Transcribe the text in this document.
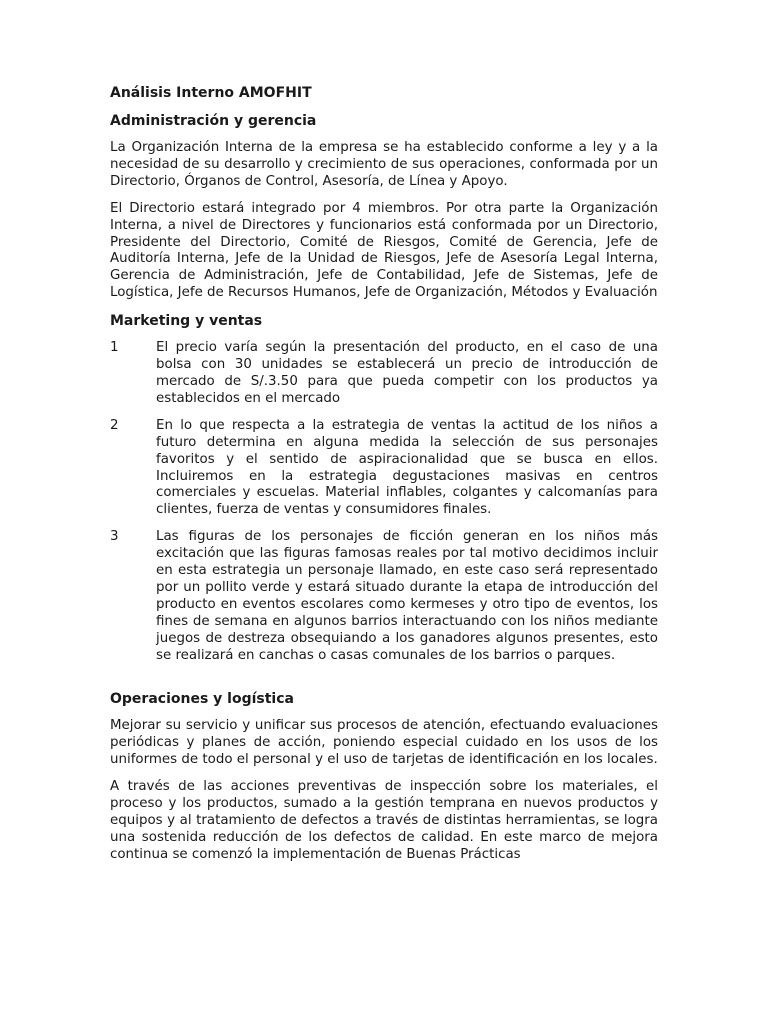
Análisis Interno AMOFHIT
Administración y gerencia

La Organización Interna de la empresa se ha establecido conforme a ley y a la necesidad de su desarrollo y crecimiento de sus operaciones, conformada por un Directorio, Órganos de Control, Asesoría, de Línea y Apoyo.

El Directorio estará integrado por 4 miembros. Por otra parte la Organización Interna, a nivel de Directores y funcionarios está conformada por un Directorio, Presidente del Directorio, Comité de Riesgos, Comité de Gerencia, Jefe de Auditoría Interna, Jefe de la Unidad de Riesgos, Jefe de Asesoría Legal Interna, Gerencia de Administración, Jefe de Contabilidad, Jefe de Sistemas, Jefe de Logística, Jefe de Recursos Humanos, Jefe de Organización, Métodos y Evaluación

Marketing y ventas
1	El precio varía según la presentación del producto, en el caso de una bolsa con 30 unidades se establecerá un precio de introducción de mercado de S/.3.50 para que pueda competir con los productos ya establecidos en el mercado
2	En lo que respecta a la estrategia de ventas la actitud de los niños a futuro determina en alguna medida la selección de sus personajes favoritos y el sentido de aspiracionalidad que se busca en ellos. Incluiremos en la estrategia degustaciones masivas en centros comerciales y escuelas. Material inflables, colgantes y calcomanías para clientes, fuerza de ventas y consumidores finales.
3	Las figuras de los personajes de ficción generan en los niños más excitación que las figuras famosas reales por tal motivo decidimos incluir en esta estrategia un personaje llamado, en este caso será representado por un pollito verde y estará situado durante la etapa de introducción del producto en eventos escolares como kermeses y otro tipo de eventos, los fines de semana en algunos barrios interactuando con los niños mediante juegos de destreza obsequiando a los ganadores algunos presentes, esto se realizará en canchas o casas comunales de los barrios o parques.
Operaciones y logística

Mejorar su servicio y unificar sus procesos de atención, efectuando evaluaciones periódicas y planes de acción, poniendo especial cuidado en los usos de los uniformes de todo el personal y el uso de tarjetas de identificación en los locales.

A través de las acciones preventivas de inspección sobre los materiales, el proceso y los productos, sumado a la gestión temprana en nuevos productos y equipos y al tratamiento de defectos a través de distintas herramientas, se logra una sostenida reducción de los defectos de calidad. En este marco de mejora continua se comenzó la implementación de Buenas Prácticas
